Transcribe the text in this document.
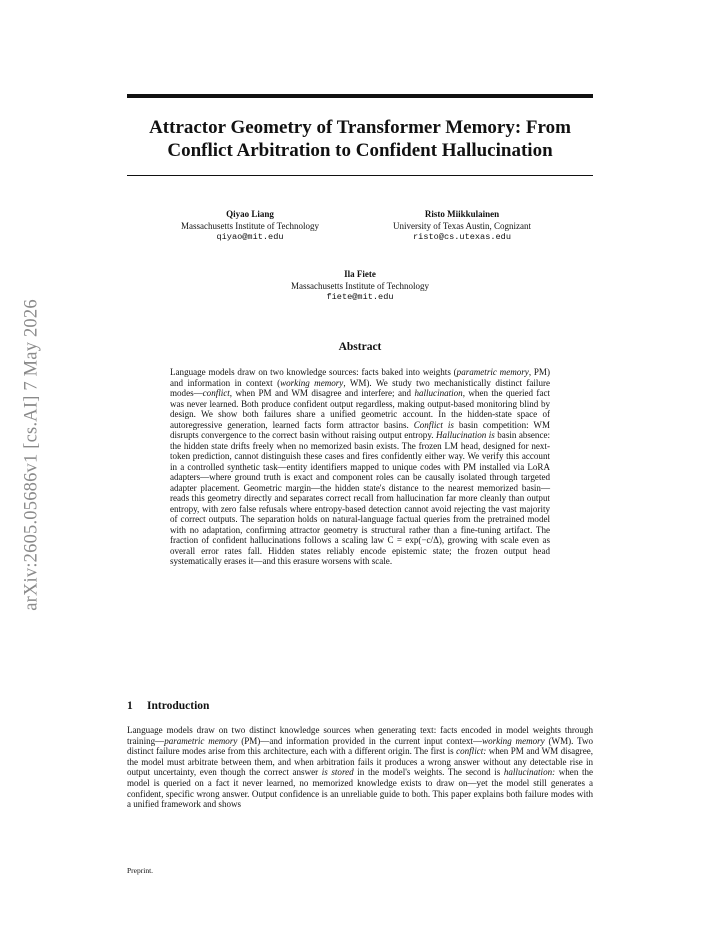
arXiv:2605.05686v1 [cs.AI] 7 May 2026
Attractor Geometry of Transformer Memory: From Conflict Arbitration to Confident Hallucination
Qiyao Liang
Massachusetts Institute of Technology
qiyao@mit.edu
Risto Miikkulainen
University of Texas Austin, Cognizant
risto@cs.utexas.edu
Ila Fiete
Massachusetts Institute of Technology
fiete@mit.edu
Abstract
Language models draw on two knowledge sources: facts baked into weights (parametric memory, PM) and information in context (working memory, WM). We study two mechanistically distinct failure modes—conflict, when PM and WM disagree and interfere; and hallucination, when the queried fact was never learned. Both produce confident output regardless, making output-based monitoring blind by design. We show both failures share a unified geometric account. In the hidden-state space of autoregressive generation, learned facts form attractor basins. Conflict is basin competition: WM disrupts convergence to the correct basin without raising output entropy. Hallucination is basin absence: the hidden state drifts freely when no memorized basin exists. The frozen LM head, designed for next-token prediction, cannot distinguish these cases and fires confidently either way. We verify this account in a controlled synthetic task—entity identifiers mapped to unique codes with PM installed via LoRA adapters—where ground truth is exact and component roles can be causally isolated through targeted adapter placement. Geometric margin—the hidden state's distance to the nearest memorized basin—reads this geometry directly and separates correct recall from hallucination far more cleanly than output entropy, with zero false refusals where entropy-based detection cannot avoid rejecting the vast majority of correct outputs. The separation holds on natural-language factual queries from the pretrained model with no adaptation, confirming attractor geometry is structural rather than a fine-tuning artifact. The fraction of confident hallucinations follows a scaling law C = exp(−c/Δ), growing with scale even as overall error rates fall. Hidden states reliably encode epistemic state; the frozen output head systematically erases it—and this erasure worsens with scale.
1 Introduction
Language models draw on two distinct knowledge sources when generating text: facts encoded in model weights through training—parametric memory (PM)—and information provided in the current input context—working memory (WM). Two distinct failure modes arise from this architecture, each with a different origin. The first is conflict: when PM and WM disagree, the model must arbitrate between them, and when arbitration fails it produces a wrong answer without any detectable rise in output uncertainty, even though the correct answer is stored in the model's weights. The second is hallucination: when the model is queried on a fact it never learned, no memorized knowledge exists to draw on—yet the model still generates a confident, specific wrong answer. Output confidence is an unreliable guide to both. This paper explains both failure modes with a unified framework and shows
Preprint.
